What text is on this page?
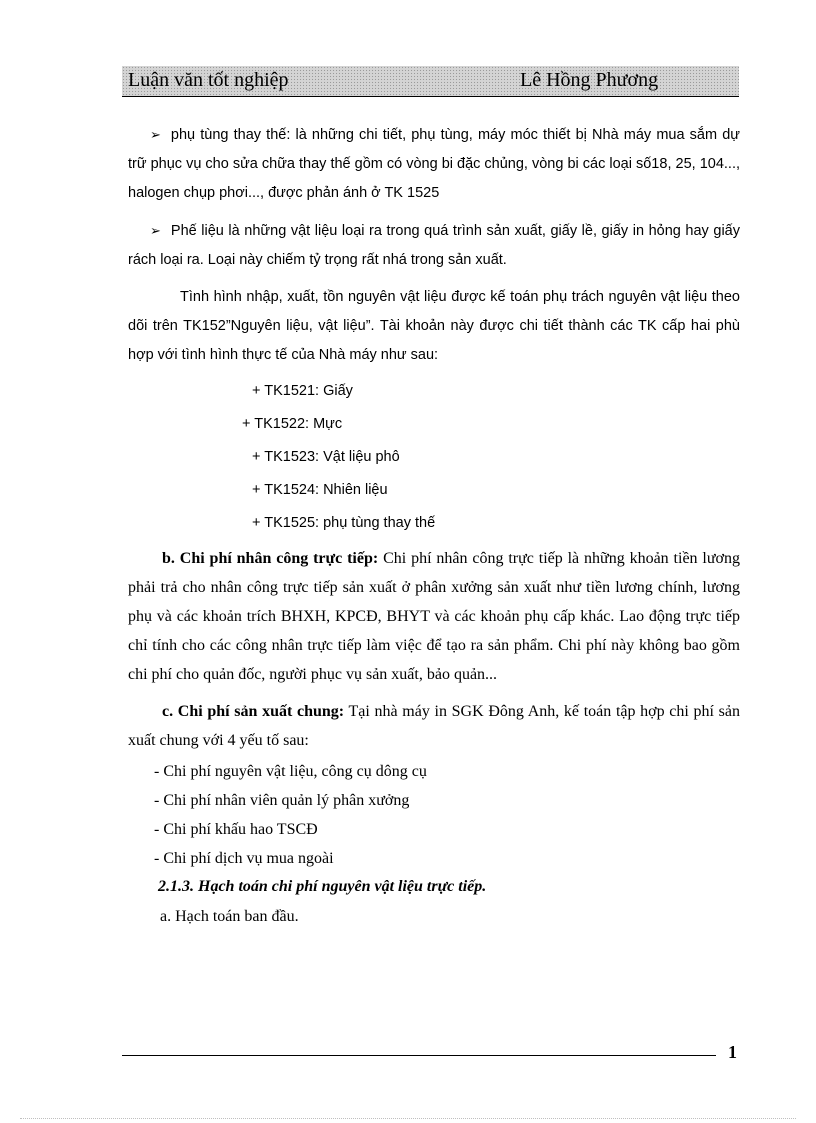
Luận văn tốt nghiệp	Lê Hồng Phương

➢ phụ tùng thay thế: là những chi tiết, phụ tùng, máy móc thiết bị Nhà máy mua sắm dự trữ phục vụ cho sửa chữa thay thế gồm có vòng bi đặc chủng, vòng bi các loại số18, 25, 104..., halogen chụp phơi..., được phản ánh ở TK 1525

➢ Phế liệu là những vật liệu loại ra trong quá trình sản xuất, giấy lề, giấy in hỏng hay giấy rách loại ra. Loại này chiếm tỷ trọng rất nhá trong sản xuất.

Tình hình nhập, xuất, tồn nguyên vật liệu được kế toán phụ trách nguyên vật liệu theo dõi trên TK152”Nguyên liệu, vật liệu”. Tài khoản này được chi tiết thành các TK cấp hai phù hợp với tình hình thực tế của Nhà máy như sau:

+ TK1521: Giấy

+ TK1522: Mực

+ TK1523: Vật liệu phô

+ TK1524: Nhiên liệu

+ TK1525: phụ tùng thay thế

b. Chi phí nhân công trực tiếp: Chi phí nhân công trực tiếp là những khoản tiền lương phải trả cho nhân công trực tiếp sản xuất ở phân xưởng sản xuất như tiền lương chính, lương phụ và các khoản trích BHXH, KPCĐ, BHYT và các khoản phụ cấp khác. Lao động trực tiếp chỉ tính cho các công nhân trực tiếp làm việc để tạo ra sản phẩm. Chi phí này không bao gồm chi phí cho quản đốc, người phục vụ sản xuất, bảo quản...

c. Chi phí sản xuất chung: Tại nhà máy in SGK Đông Anh, kế toán tập hợp chi phí sản xuất chung với 4 yếu tố sau:

- Chi phí nguyên vật liệu, công cụ dông cụ
- Chi phí nhân viên quản lý phân xưởng
- Chi phí khấu hao TSCĐ
- Chi phí dịch vụ mua ngoài

2.1.3. Hạch toán chi phí nguyên vật liệu trực tiếp.

a. Hạch toán ban đầu.

1
